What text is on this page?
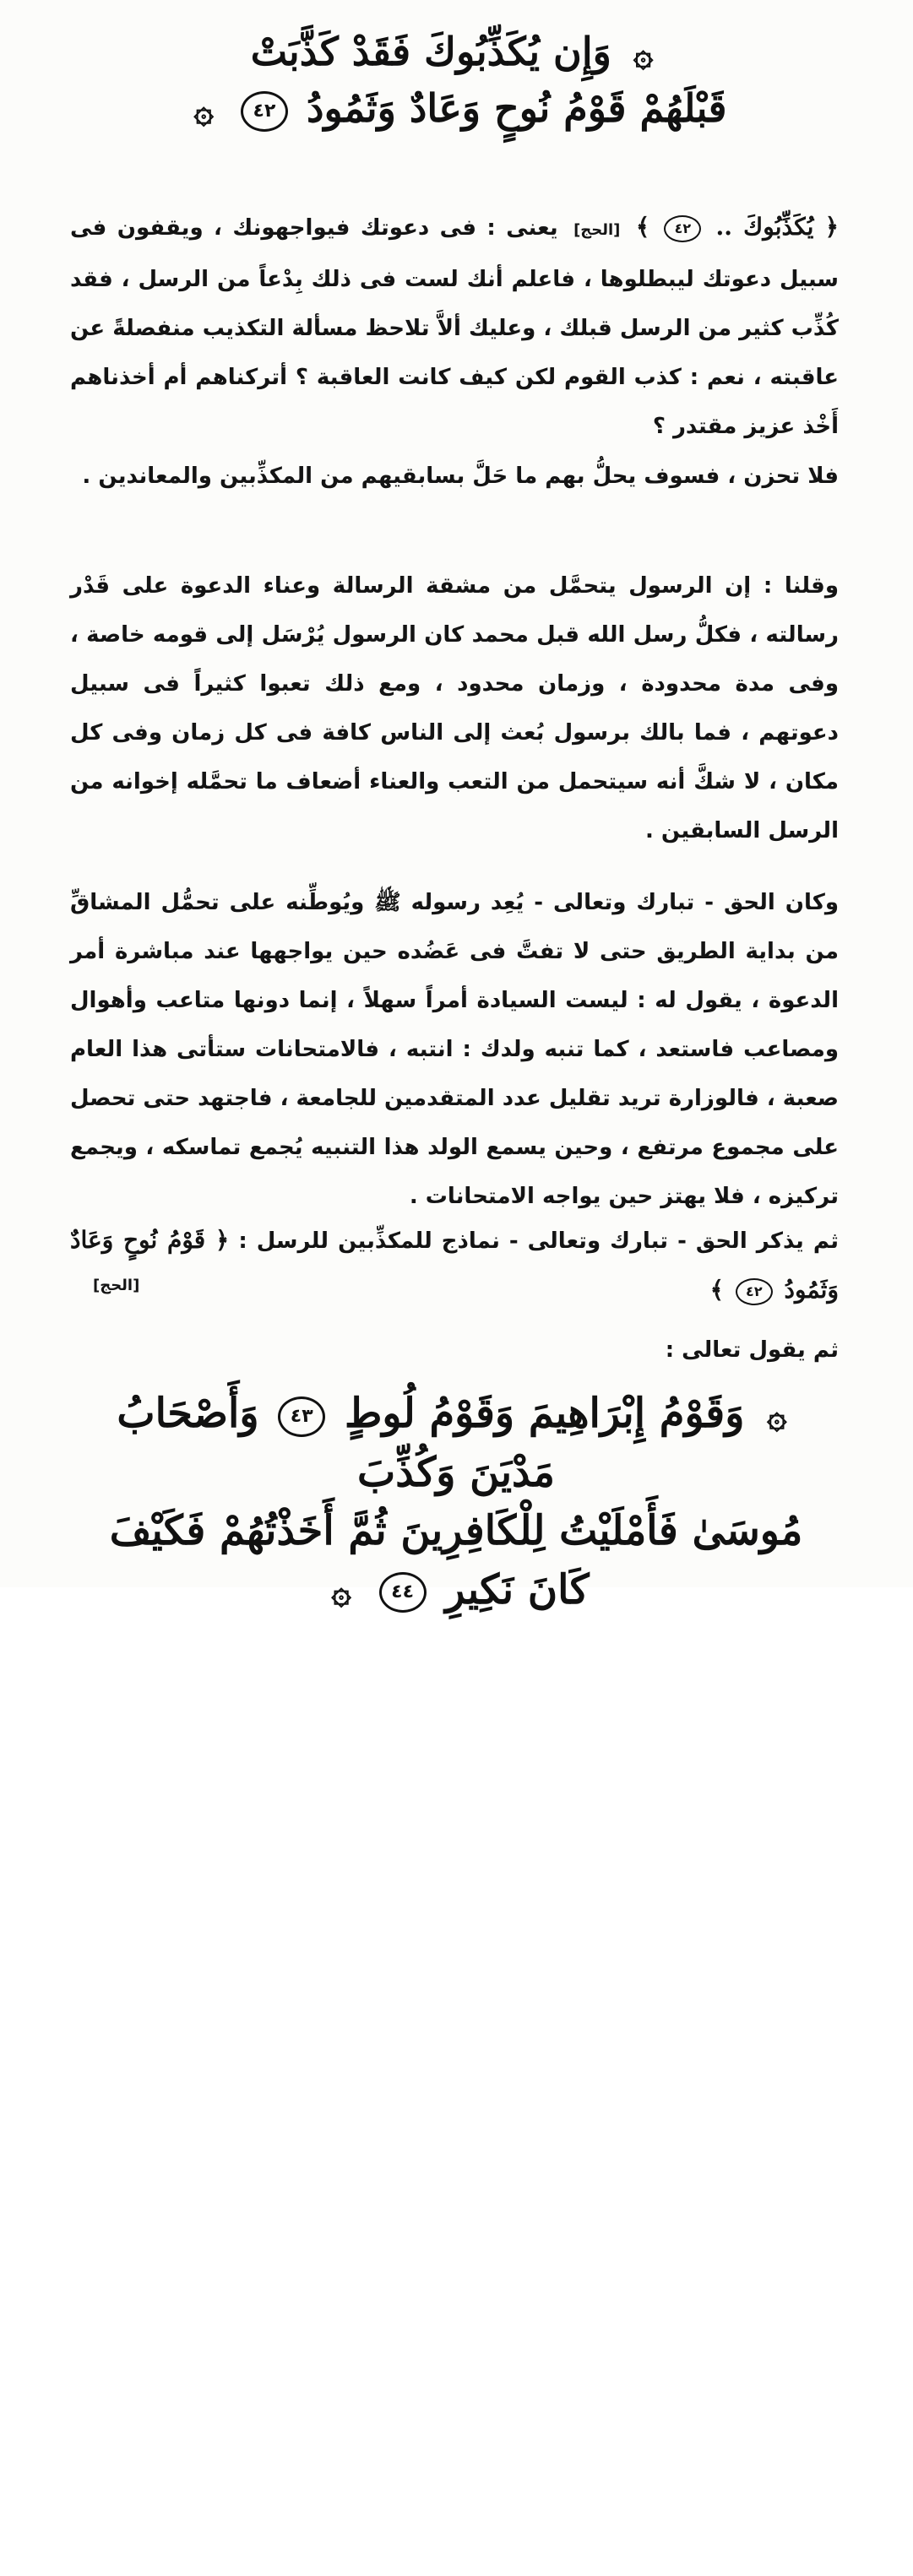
۞ وَإِن يُكَذِّبُوكَ فَقَدْ كَذَّبَتْ
قَبْلَهُمْ قَوْمُ نُوحٍ وَعَادٌ وَثَمُودُ ٤٢ ۞

﴿ يُكَذِّبُوكَ .. ٤٢ ﴾ [الحج] يعنى : فى دعوتك فيواجهونك ، ويقفون فى سبيل دعوتك ليبطلوها ، فاعلم أنك لست فى ذلك بِدْعاً من الرسل ، فقد كُذِّب كثير من الرسل قبلك ، وعليك ألاَّ تلاحظ مسألة التكذيب منفصلةً عن عاقبته ، نعم : كذب القوم لكن كيف كانت العاقبة ؟ أتركناهم أم أخذناهم أَخْذ عزيز مقتدر ؟

فلا تحزن ، فسوف يحلُّ بهم ما حَلَّ بسابقيهم من المكذِّبين والمعاندين .

وقلنا : إن الرسول يتحمَّل من مشقة الرسالة وعناء الدعوة على قَدْر رسالته ، فكلُّ رسل الله قبل محمد كان الرسول يُرْسَل إلى قومه خاصة ، وفى مدة محدودة ، وزمان محدود ، ومع ذلك تعبوا كثيراً فى سبيل دعوتهم ، فما بالك برسول بُعث إلى الناس كافة فى كل زمان وفى كل مكان ، لا شكَّ أنه سيتحمل من التعب والعناء أضعاف ما تحمَّله إخوانه من الرسل السابقين .

وكان الحق - تبارك وتعالى - يُعِد رسوله ﷺ ويُوطِّنه على تحمُّل المشاقِّ من بداية الطريق حتى لا تفتَّ فى عَضُده حين يواجهها عند مباشرة أمر الدعوة ، يقول له : ليست السيادة أمراً سهلاً ، إنما دونها متاعب وأهوال ومصاعب فاستعد ، كما تنبه ولدك : انتبه ، فالامتحانات ستأتى هذا العام صعبة ، فالوزارة تريد تقليل عدد المتقدمين للجامعة ، فاجتهد حتى تحصل على مجموع مرتفع ، وحين يسمع الولد هذا التنبيه يُجمع تماسكه ، ويجمع تركيزه ، فلا يهتز حين يواجه الامتحانات .

ثم يذكر الحق - تبارك وتعالى - نماذج للمكذِّبين للرسل : ﴿ قَوْمُ نُوحٍ وَعَادٌ وَثَمُودُ ٤٢ ﴾

[الحج]

ثم يقول تعالى :

۞ وَقَوْمُ إِبْرَاهِيمَ وَقَوْمُ لُوطٍ ٤٣ وَأَصْحَابُ مَدْيَنَ وَكُذِّبَ
مُوسَىٰ فَأَمْلَيْتُ لِلْكَافِرِينَ ثُمَّ أَخَذْتُهُمْ فَكَيْفَ
كَانَ نَكِيرِ ٤٤ ۞
